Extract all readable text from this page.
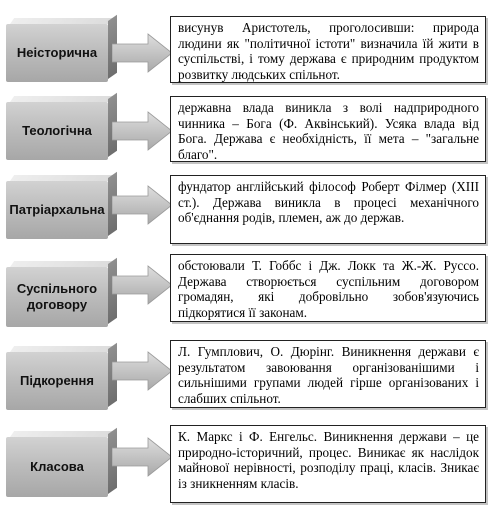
Неісторична
висунув Аристотель, проголосивши: природа людини як "політичної істоти" визначила їй жити в суспільстві, і тому держава є природним продуктом розвитку людських спільнот.
Теологічна
державна влада виникла з волі надприродного чинника – Бога (Ф. Аквінський). Усяка влада від Бога. Держава є необхідність, її мета – "загальне благо".
Патріархальна
фундатор англійський філософ Роберт Філмер (XIII ст.). Держава виникла в процесі механічного об'єднання родів, племен, аж до держав.
Суспільного договору
обстоювали Т. Гоббс і Дж. Локк та Ж.-Ж. Руссо. Держава створюється суспільним договором громадян, які добровільно зобов'язуючись підкорятися її законам.
Підкорення
Л. Гумплович, О. Дюрінг. Виникнення держави є результатом завоювання організованішими і сильнішими групами людей гірше організованих і слабших спільнот.
Класова
К. Маркс і Ф. Енгельс. Виникнення держави – це природно-історичний, процес. Виникає як наслідок майнової нерівності, розподілу праці, класів. Зникає із зникненням класів.
